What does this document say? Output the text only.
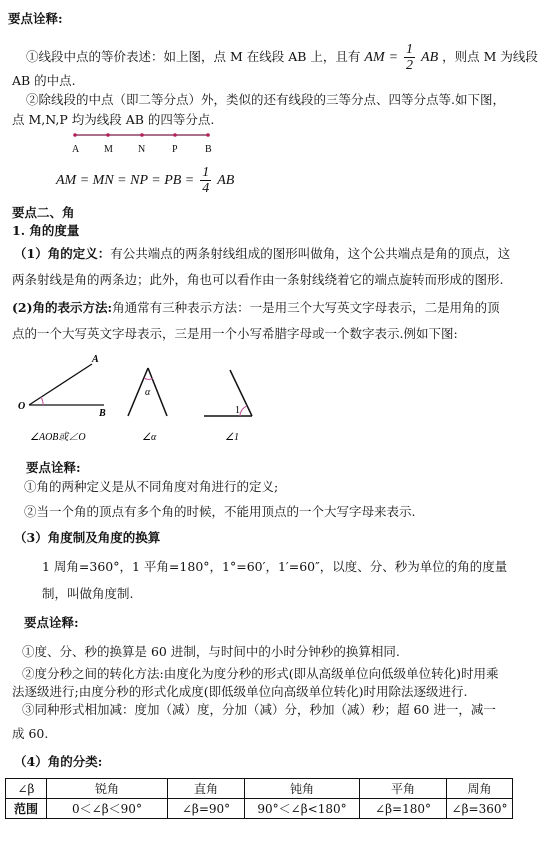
要点诠释:
①线段中点的等价表述：如上图，点 M 在线段 AB 上，且有 AM = $\frac{1}{2}$ AB ，则点 M 为线段
AB 的中点.
②除线段的中点（即二等分点）外，类似的还有线段的三等分点、四等分点等.如下图，
点 M,N,P 均为线段 AB 的四等分点.
A M	N	P	B
AM = MN = NP = PB = $\frac{1}{4}$ AB
要点二、角
1. 角的度量
（1）角的定义：有公共端点的两条射线组成的图形叫做角，这个公共端点是角的顶点，这
两条射线是角的两条边；此外，角也可以看作由一条射线绕着它的端点旋转而形成的图形.
(2)角的表示方法:角通常有三种表示方法：一是用三个大写英文字母表示，二是用角的顶
点的一个大写英文字母表示，三是用一个小写希腊字母或一个数字表示.例如下图:
A
O
B
∠AOB或∠O
α
∠α
1
∠1
要点诠释:
①角的两种定义是从不同角度对角进行的定义;
②当一个角的顶点有多个角的时候，不能用顶点的一个大写字母来表示.
（3）角度制及角度的换算
1 周角=360°，1 平角=180°，1°=60′，1′=60″，以度、分、秒为单位的角的度量
制，叫做角度制.
要点诠释:
①度、分、秒的换算是 60 进制，与时间中的小时分钟秒的换算相同.
②度分秒之间的转化方法:由度化为度分秒的形式(即从高级单位向低级单位转化)时用乘
法逐级进行;由度分秒的形式化成度(即低级单位向高级单位转化)时用除法逐级进行.
③同种形式相加减：度加（减）度，分加（减）分，秒加（减）秒；超 60 进一，减一
成 60.
（4）角的分类:
∠β	锐角	直角	钝角	平角	周角
范围	0＜∠β＜90°	∠β=90°	90°＜∠β<180°	∠β=180°	∠β=360°
